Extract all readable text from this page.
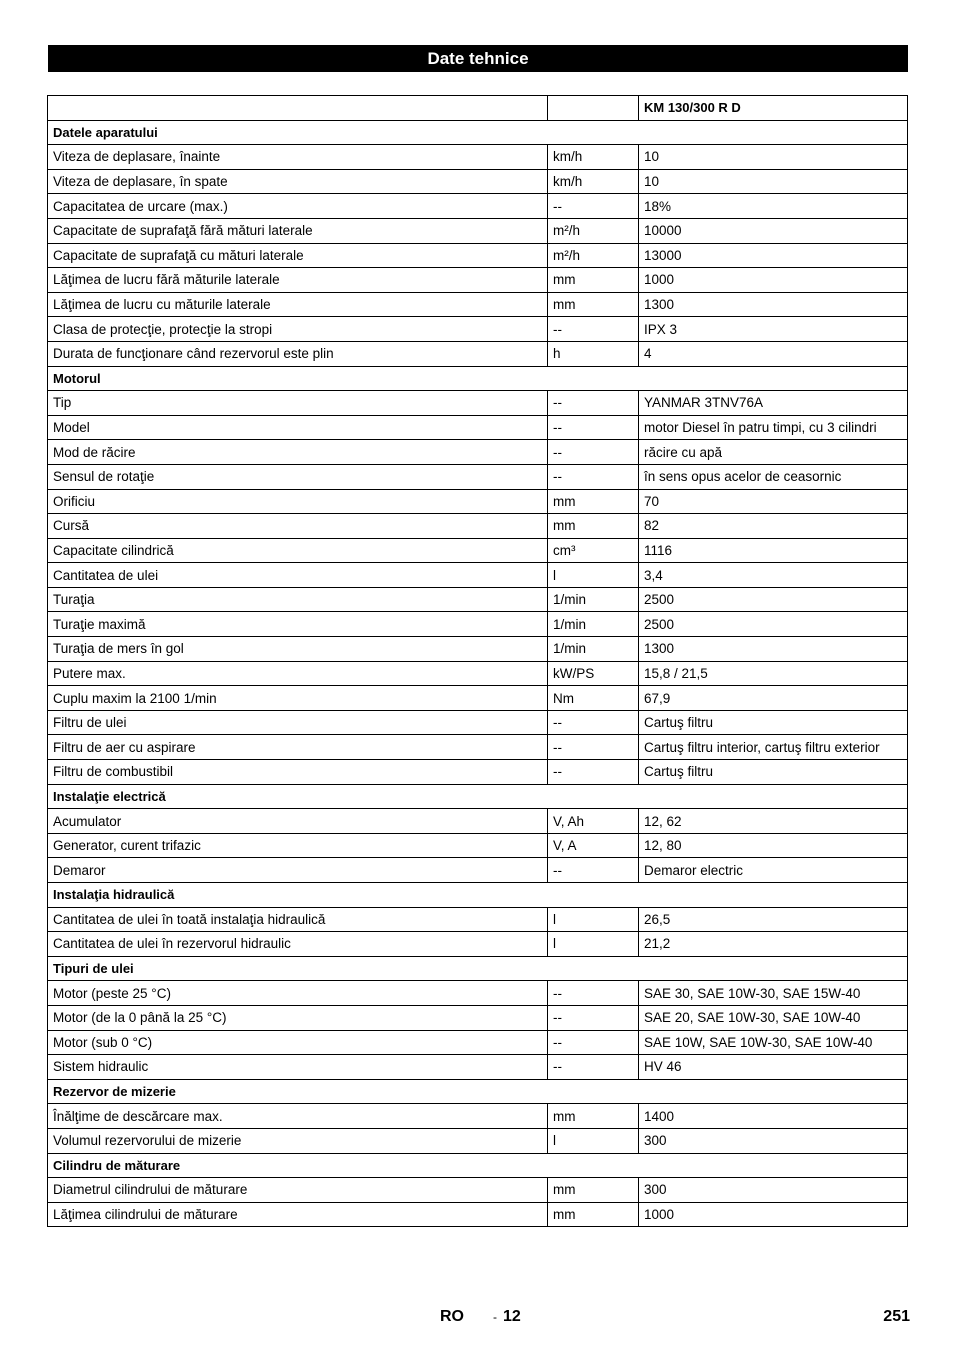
Date tehnice
		KM 130/300 R D
Datele aparatului		
Viteza de deplasare, înainte	km/h	10
Viteza de deplasare, în spate	km/h	10
Capacitatea de urcare (max.)	--	18%
Capacitate de suprafaţă fără mături laterale	m²/h	10000
Capacitate de suprafaţă cu mături laterale	m²/h	13000
Lăţimea de lucru fără măturile laterale	mm	1000
Lăţimea de lucru cu măturile laterale	mm	1300
Clasa de protecţie, protecţie la stropi	--	IPX 3
Durata de funcţionare când rezervorul este plin	h	4
Motorul		
Tip	--	YANMAR 3TNV76A
Model	--	motor Diesel în patru timpi, cu 3 cilindri
Mod de răcire	--	răcire cu apă
Sensul de rotaţie	--	în sens opus acelor de ceasornic
Orificiu	mm	70
Cursă	mm	82
Capacitate cilindrică	cm³	1116
Cantitatea de ulei	l	3,4
Turaţia	1/min	2500
Turaţie maximă	1/min	2500
Turaţia de mers în gol	1/min	1300
Putere max.	kW/PS	15,8 / 21,5
Cuplu maxim la 2100 1/min	Nm	67,9
Filtru de ulei	--	Cartuş filtru
Filtru de aer cu aspirare	--	Cartuş filtru interior, cartuş filtru exterior
Filtru de combustibil	--	Cartuş filtru
Instalaţie electrică		
Acumulator	V, Ah	12, 62
Generator, curent trifazic	V, A	12, 80
Demaror	--	Demaror electric
Instalaţia hidraulică		
Cantitatea de ulei în toată instalaţia hidraulică	l	26,5
Cantitatea de ulei în rezervorul hidraulic	l	21,2
Tipuri de ulei		
Motor (peste 25 °C)	--	SAE 30, SAE 10W-30, SAE 15W-40
Motor (de la 0 până la 25 °C)	--	SAE 20, SAE 10W-30, SAE 10W-40
Motor (sub 0 °C)	--	SAE 10W, SAE 10W-30, SAE 10W-40
Sistem hidraulic	--	HV 46
Rezervor de mizerie		
Înălţime de descărcare max.	mm	1400
Volumul rezervorului de mizerie	l	300
Cilindru de măturare		
Diametrul cilindrului de măturare	mm	300
Lăţimea cilindrului de măturare	mm	1000
RO - 12	251
